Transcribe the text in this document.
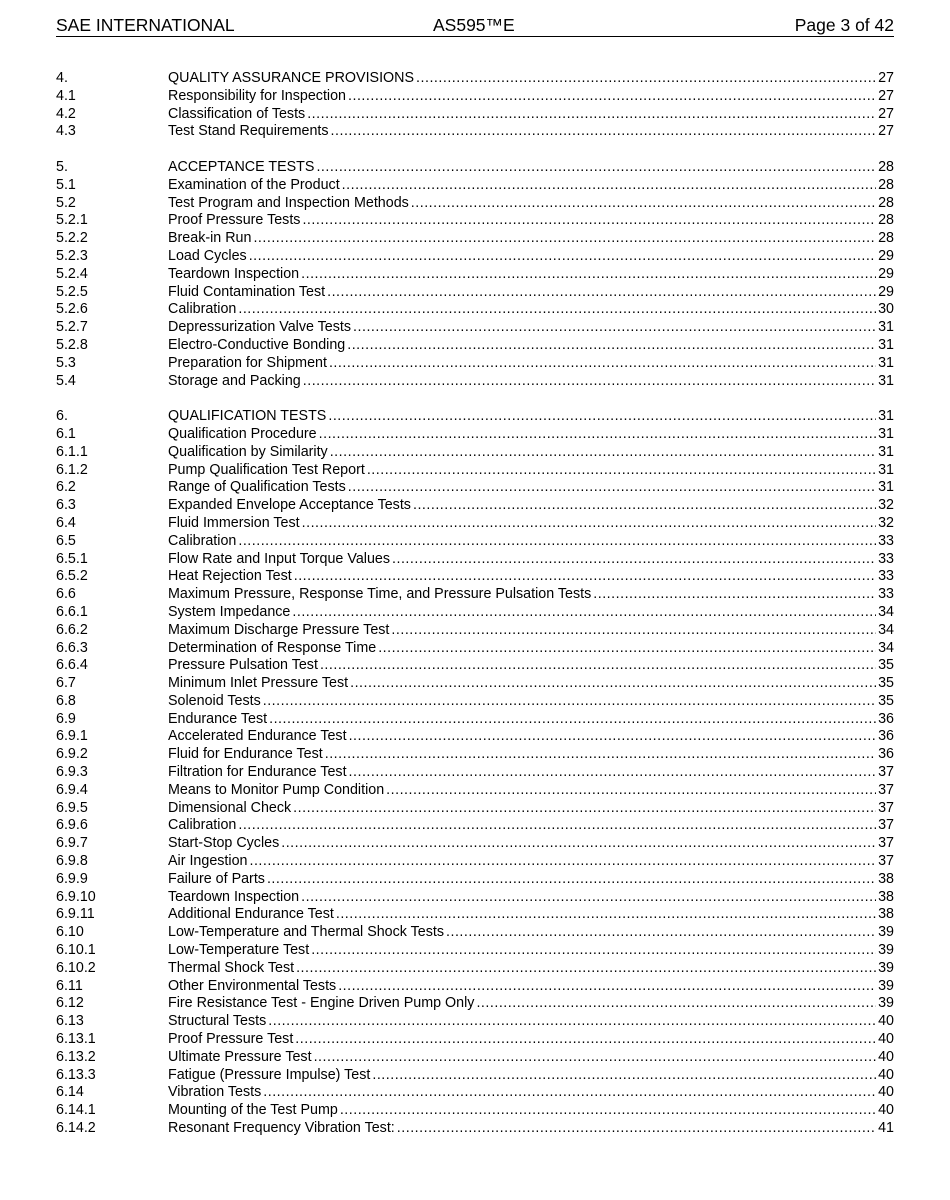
SAE INTERNATIONAL	AS595™E	Page 3 of 42
4.	QUALITY ASSURANCE PROVISIONS .....	27
4.1	Responsibility for Inspection .....	27
4.2	Classification of Tests .....	27
4.3	Test Stand Requirements .....	27
5.	ACCEPTANCE TESTS .....	28
5.1	Examination of the Product .....	28
5.2	Test Program and Inspection Methods .....	28
5.2.1	Proof Pressure Tests .....	28
5.2.2	Break-in Run .....	28
5.2.3	Load Cycles .....	29
5.2.4	Teardown Inspection .....	29
5.2.5	Fluid Contamination Test .....	29
5.2.6	Calibration .....	30
5.2.7	Depressurization Valve Tests .....	31
5.2.8	Electro-Conductive Bonding .....	31
5.3	Preparation for Shipment .....	31
5.4	Storage and Packing .....	31
6.	QUALIFICATION TESTS .....	31
6.1	Qualification Procedure .....	31
6.1.1	Qualification by Similarity .....	31
6.1.2	Pump Qualification Test Report .....	31
6.2	Range of Qualification Tests .....	31
6.3	Expanded Envelope Acceptance Tests .....	32
6.4	Fluid Immersion Test .....	32
6.5	Calibration .....	33
6.5.1	Flow Rate and Input Torque Values .....	33
6.5.2	Heat Rejection Test .....	33
6.6	Maximum Pressure, Response Time, and Pressure Pulsation Tests .....	33
6.6.1	System Impedance .....	34
6.6.2	Maximum Discharge Pressure Test .....	34
6.6.3	Determination of Response Time .....	34
6.6.4	Pressure Pulsation Test .....	35
6.7	Minimum Inlet Pressure Test .....	35
6.8	Solenoid Tests .....	35
6.9	Endurance Test .....	36
6.9.1	Accelerated Endurance Test .....	36
6.9.2	Fluid for Endurance Test .....	36
6.9.3	Filtration for Endurance Test .....	37
6.9.4	Means to Monitor Pump Condition .....	37
6.9.5	Dimensional Check .....	37
6.9.6	Calibration .....	37
6.9.7	Start-Stop Cycles .....	37
6.9.8	Air Ingestion .....	37
6.9.9	Failure of Parts .....	38
6.9.10	Teardown Inspection .....	38
6.9.11	Additional Endurance Test .....	38
6.10	Low-Temperature and Thermal Shock Tests .....	39
6.10.1	Low-Temperature Test .....	39
6.10.2	Thermal Shock Test .....	39
6.11	Other Environmental Tests .....	39
6.12	Fire Resistance Test - Engine Driven Pump Only .....	39
6.13	Structural Tests .....	40
6.13.1	Proof Pressure Test .....	40
6.13.2	Ultimate Pressure Test .....	40
6.13.3	Fatigue (Pressure Impulse) Test .....	40
6.14	Vibration Tests .....	40
6.14.1	Mounting of the Test Pump .....	40
6.14.2	Resonant Frequency Vibration Test: .....	41
